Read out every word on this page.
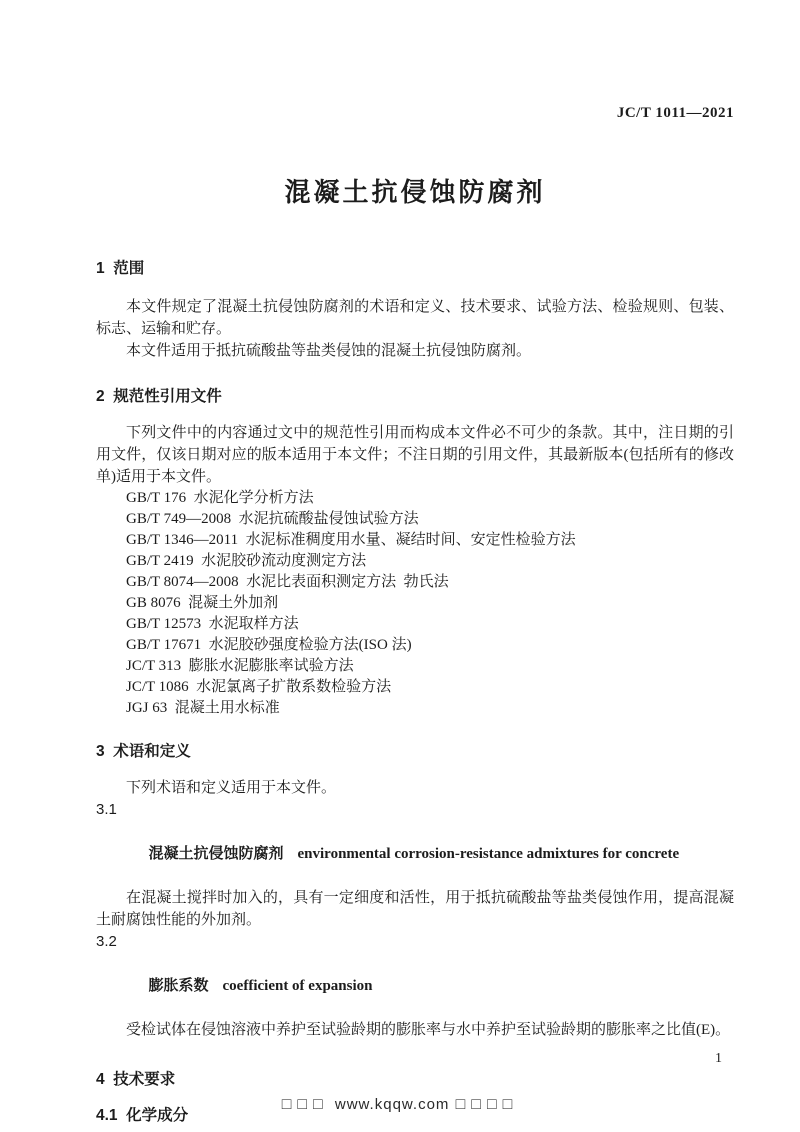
JC/T 1011—2021
混凝土抗侵蚀防腐剂
1  范围
本文件规定了混凝土抗侵蚀防腐剂的术语和定义、技术要求、试验方法、检验规则、包装、标志、运输和贮存。
本文件适用于抵抗硫酸盐等盐类侵蚀的混凝土抗侵蚀防腐剂。
2  规范性引用文件
下列文件中的内容通过文中的规范性引用而构成本文件必不可少的条款。其中，注日期的引用文件，仅该日期对应的版本适用于本文件；不注日期的引用文件，其最新版本(包括所有的修改单)适用于本文件。
GB/T 176  水泥化学分析方法
GB/T 749—2008  水泥抗硫酸盐侵蚀试验方法
GB/T 1346—2011  水泥标准稠度用水量、凝结时间、安定性检验方法
GB/T 2419  水泥胶砂流动度测定方法
GB/T 8074—2008  水泥比表面积测定方法  勃氏法
GB 8076  混凝土外加剂
GB/T 12573  水泥取样方法
GB/T 17671  水泥胶砂强度检验方法(ISO 法)
JC/T 313  膨胀水泥膨胀率试验方法
JC/T 1086  水泥氯离子扩散系数检验方法
JGJ 63  混凝土用水标准
3  术语和定义
下列术语和定义适用于本文件。
3.1

混凝土抗侵蚀防腐剂 environmental corrosion-resistance admixtures for concrete

在混凝土搅拌时加入的，具有一定细度和活性，用于抵抗硫酸盐等盐类侵蚀作用，提高混凝土耐腐蚀性能的外加剂。
3.2

膨胀系数 coefficient of expansion

受检试体在侵蚀溶液中养护至试验龄期的膨胀率与水中养护至试验龄期的膨胀率之比值(E)。
4  技术要求
4.1  化学成分
1
□□□ www.kqqw.com □□□□
